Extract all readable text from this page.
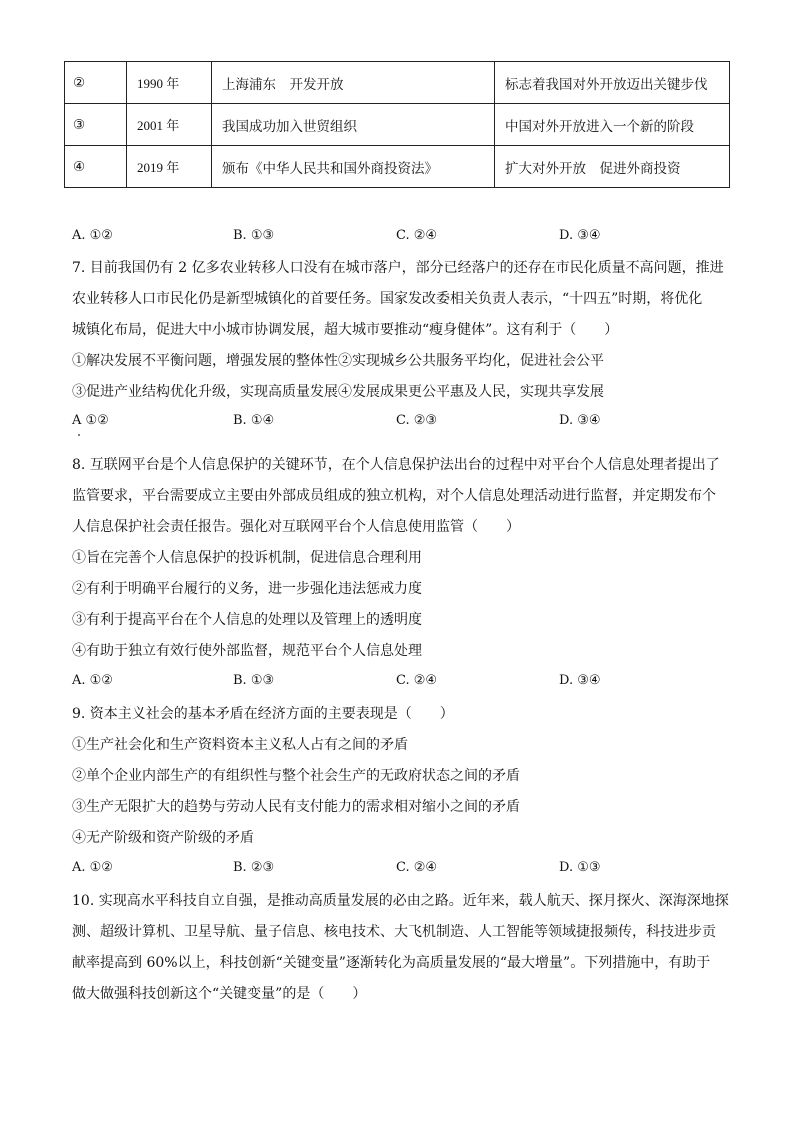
②	1990 年	上海浦东　开发开放	标志着我国对外开放迈出关键步伐
③	2001 年	我国成功加入世贸组织	中国对外开放进入一个新的阶段
④	2019 年	颁布《中华人民共和国外商投资法》	扩大对外开放　促进外商投资
A. ①②	B. ①③	C. ②④	D. ③④
7. 目前我国仍有 2 亿多农业转移人口没有在城市落户，部分已经落户的还存在市民化质量不高问题，推进
农业转移人口市民化仍是新型城镇化的首要任务。国家发改委相关负责人表示，“十四五”时期，将优化
城镇化布局，促进大中小城市协调发展，超大城市要推动“瘦身健体”。这有利于（　　）
①解决发展不平衡问题，增强发展的整体性②实现城乡公共服务平均化，促进社会公平
③促进产业结构优化升级，实现高质量发展④发展成果更公平惠及人民，实现共享发展
A ①②	B. ①④	C. ②③	D. ③④
8. 互联网平台是个人信息保护的关键环节，在个人信息保护法出台的过程中对平台个人信息处理者提出了
监管要求，平台需要成立主要由外部成员组成的独立机构，对个人信息处理活动进行监督，并定期发布个
人信息保护社会责任报告。强化对互联网平台个人信息使用监管（　　）
①旨在完善个人信息保护的投诉机制，促进信息合理利用
②有利于明确平台履行的义务，进一步强化违法惩戒力度
③有利于提高平台在个人信息的处理以及管理上的透明度
④有助于独立有效行使外部监督，规范平台个人信息处理
A. ①②	B. ①③	C. ②④	D. ③④
9. 资本主义社会的基本矛盾在经济方面的主要表现是（　　）
①生产社会化和生产资料资本主义私人占有之间的矛盾
②单个企业内部生产的有组织性与整个社会生产的无政府状态之间的矛盾
③生产无限扩大的趋势与劳动人民有支付能力的需求相对缩小之间的矛盾
④无产阶级和资产阶级的矛盾
A. ①②	B. ②③	C. ②④	D. ①③
10. 实现高水平科技自立自强，是推动高质量发展的必由之路。近年来，载人航天、探月探火、深海深地探
测、超级计算机、卫星导航、量子信息、核电技术、大飞机制造、人工智能等领域捷报频传，科技进步贡
献率提高到 60%以上，科技创新“关键变量”逐渐转化为高质量发展的“最大增量”。下列措施中，有助于
做大做强科技创新这个“关键变量”的是（　　）
